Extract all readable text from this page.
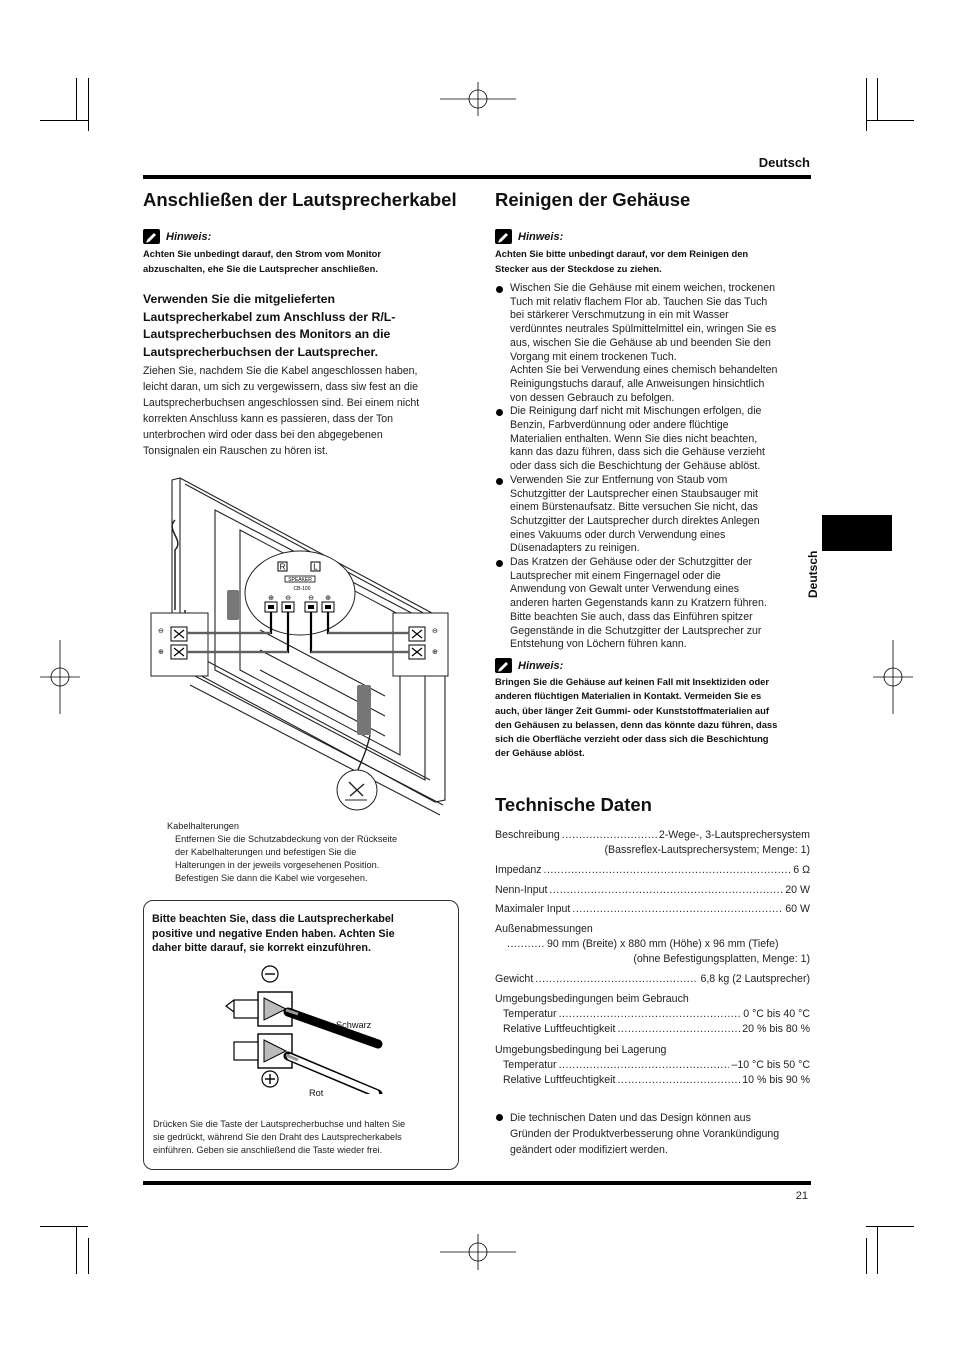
Deutsch
Deutsch
Anschließen der Lautsprecherkabel
Hinweis:
Achten Sie unbedingt darauf, den Strom vom Monitor
abzuschalten, ehe Sie die Lautsprecher anschließen.
Verwenden Sie die mitgelieferten
Lautsprecherkabel zum Anschluss der R/L-
Lautsprecherbuchsen des Monitors an die
Lautsprecherbuchsen der Lautsprecher.
Ziehen Sie, nachdem Sie die Kabel angeschlossen haben,
leicht daran, um sich zu vergewissern, dass siw fest an die
Lautsprecherbuchsen angeschlossen sind. Bei einem nicht
korrekten Anschluss kann es passieren, dass der Ton
unterbrochen wird oder dass bei den abgegebenen
Tonsignalen ein Rauschen zu hören ist.
R	L
SPEAKER
CB-100
⊕ ⊖ ⊖ ⊕
⊖
⊕
⊖
⊕
Kabelhalterungen
Entfernen Sie die Schutzabdeckung von der Rückseite
der Kabelhalterungen und befestigen Sie die
Halterungen in der jeweils vorgesehenen Position.
Befestigen Sie dann die Kabel wie vorgesehen.
Bitte beachten Sie, dass die Lautsprecherkabel
positive und negative Enden haben. Achten Sie
daher bitte darauf, sie korrekt einzuführen.
Schwarz
Rot
Drücken Sie die Taste der Lautsprecherbuchse und halten Sie
sie gedrückt, während Sie den Draht des Lautsprecherkabels
einführen. Geben sie anschließend die Taste wieder frei.
Reinigen der Gehäuse
Hinweis:
Achten Sie bitte unbedingt darauf, vor dem Reinigen den
Stecker aus der Steckdose zu ziehen.
Wischen Sie die Gehäuse mit einem weichen, trockenen
Tuch mit relativ flachem Flor ab. Tauchen Sie das Tuch
bei stärkerer Verschmutzung in ein mit Wasser
verdünntes neutrales Spülmittelmittel ein, wringen Sie es
aus, wischen Sie die Gehäuse ab und beenden Sie den
Vorgang mit einem trockenen Tuch.
Achten Sie bei Verwendung eines chemisch behandelten
Reinigungstuchs darauf, alle Anweisungen hinsichtlich
von dessen Gebrauch zu befolgen.
Die Reinigung darf nicht mit Mischungen erfolgen, die
Benzin, Farbverdünnung oder andere flüchtige
Materialien enthalten. Wenn Sie dies nicht beachten,
kann das dazu führen, dass sich die Gehäuse verzieht
oder dass sich die Beschichtung der Gehäuse ablöst.
Verwenden Sie zur Entfernung von Staub vom
Schutzgitter der Lautsprecher einen Staubsauger mit
einem Bürstenaufsatz. Bitte versuchen Sie nicht, das
Schutzgitter der Lautsprecher durch direktes Anlegen
eines Vakuums oder durch Verwendung eines
Düsenadapters zu reinigen.
Das Kratzen der Gehäuse oder der Schutzgitter der
Lautsprecher mit einem Fingernagel oder die
Anwendung von Gewalt unter Verwendung eines
anderen harten Gegenstands kann zu Kratzern führen.
Bitte beachten Sie auch, dass das Einführen spitzer
Gegenstände in die Schutzgitter der Lautsprecher zur
Entstehung von Löchern führen kann.
Hinweis:
Bringen Sie die Gehäuse auf keinen Fall mit Insektiziden oder
anderen flüchtigen Materialien in Kontakt. Vermeiden Sie es
auch, über länger Zeit Gummi- oder Kunststoffmaterialien auf
den Gehäusen zu belassen, denn das könnte dazu führen, dass
sich die Oberfläche verzieht oder dass sich die Beschichtung
der Gehäuse ablöst.
Technische Daten
Beschreibung .....	2-Wege-, 3-Lautsprechersystem
(Bassreflex-Lautsprechersystem; Menge: 1)
Impedanz .....	6 Ω
Nenn-Input .....	20 W
Maximaler Input .....	60 W
Außenabmessungen
.....
90 mm (Breite) x 880 mm (Höhe) x 96 mm (Tiefe)
(ohne Befestigungsplatten, Menge: 1)
Gewicht .....	6,8 kg (2 Lautsprecher)
Umgebungsbedingungen beim Gebrauch
Temperatur .....	0 °C bis 40 °C
Relative Luftfeuchtigkeit .....	20 % bis 80 %
Umgebungsbedingung bei Lagerung
Temperatur .....	–10 °C bis 50 °C
Relative Luftfeuchtigkeit .....	10 % bis 90 %
Die technischen Daten und das Design können aus
Gründen der Produktverbesserung ohne Vorankündigung
geändert oder modifiziert werden.
21
